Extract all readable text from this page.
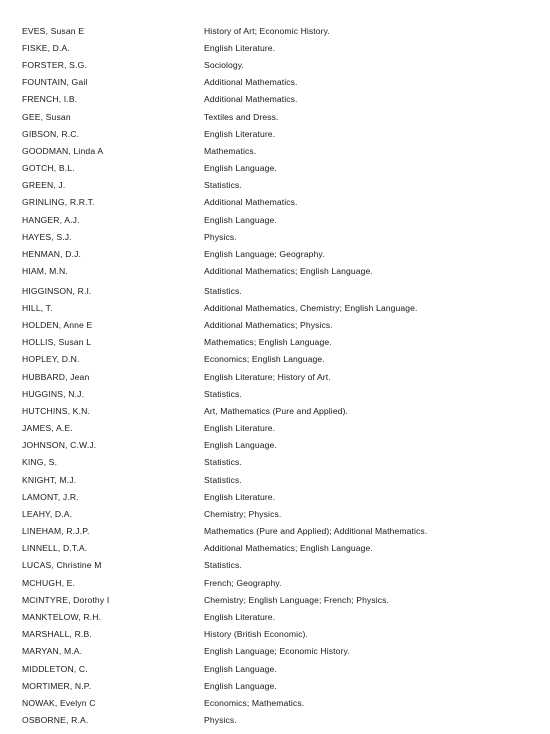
EVES, Susan E	History of Art; Economic History.
FISKE, D.A.	English Literature.
FORSTER, S.G.	Sociology.
FOUNTAIN, Gail	Additional Mathematics.
FRENCH, I.B.	Additional Mathematics.
GEE, Susan	Textiles and Dress.
GIBSON, R.C.	English Literature.
GOODMAN, Linda A	Mathematics.
GOTCH, B.L.	English Language.
GREEN, J.	Statistics.
GRINLING, R.R.T.	Additional Mathematics.
HANGER, A.J.	English Language.
HAYES, S.J.	Physics.
HENMAN, D.J.	English Language; Geography.
HIAM, M.N.	Additional Mathematics; English Language.
HIGGINSON, R.I.	Statistics.
HILL, T.	Additional Mathematics, Chemistry; English Language.
HOLDEN, Anne E	Additional Mathematics; Physics.
HOLLIS, Susan L	Mathematics; English Language.
HOPLEY, D.N.	Economics; English Language.
HUBBARD, Jean	English Literature; History of Art.
HUGGINS, N.J.	Statistics.
HUTCHINS, K.N.	Art, Mathematics (Pure and Applied).
JAMES, A.E.	English Literature.
JOHNSON, C.W.J.	English Language.
KING, S.	Statistics.
KNIGHT, M.J.	Statistics.
LAMONT, J.R.	English Literature.
LEAHY, D.A.	Chemistry; Physics.
LINEHAM, R.J.P.	Mathematics (Pure and Applied); Additional Mathematics.
LINNELL, D.T.A.	Additional Mathematics; English Language.
LUCAS, Christine M	Statistics.
MCHUGH, E.	French; Geography.
MCINTYRE, Dorothy I	Chemistry; English Language; French; Physics.
MANKTELOW, R.H.	English Literature.
MARSHALL, R.B.	History (British Economic).
MARYAN, M.A.	English Language; Economic History.
MIDDLETON, C.	English Language.
MORTIMER, N.P.	English Language.
NOWAK, Evelyn C	Economics; Mathematics.
OSBORNE, R.A.	Physics.
